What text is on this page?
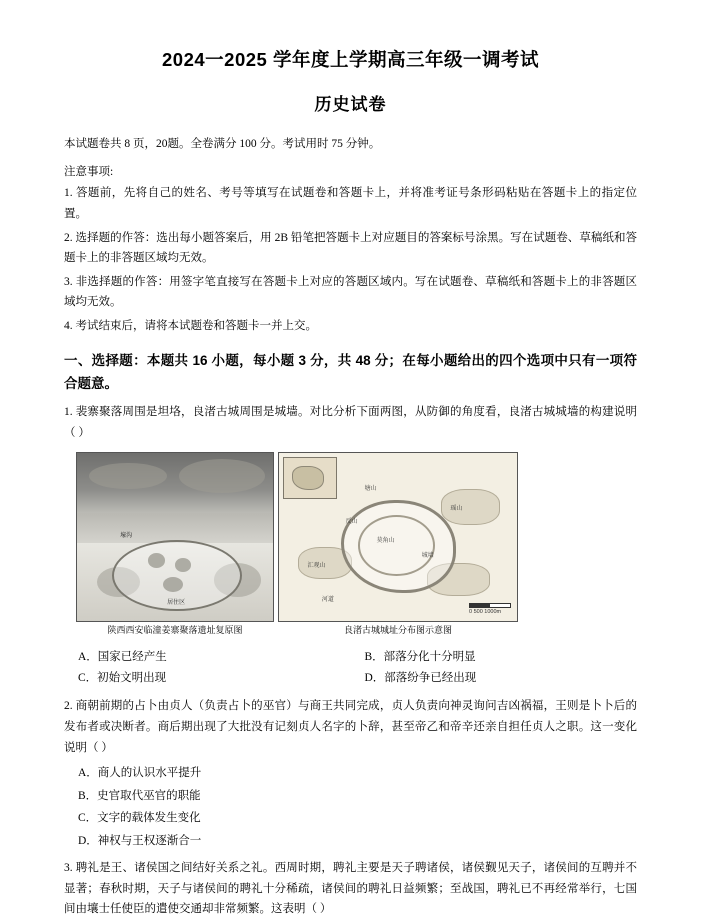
2024一2025 学年度上学期高三年级一调考试
历史试卷
本试题卷共 8 页，20题。全卷满分 100 分。考试用时 75 分钟。
注意事项:
1. 答题前，先将自己的姓名、考号等填写在试题卷和答题卡上，并将准考证号条形码粘贴在答题卡上的指定位置。
2. 选择题的作答：选出每小题答案后，用 2B 铅笔把答题卡上对应题目的答案标号涂黑。写在试题卷、草稿纸和答题卡上的非答题区域均无效。
3. 非选择题的作答：用签字笔直接写在答题卡上对应的答题区域内。写在试题卷、草稿纸和答题卡上的非答题区域均无效。
4. 考试结束后，请将本试题卷和答题卡一并上交。
一、选择题：本题共 16 小题，每小题 3 分，共 48 分；在每小题给出的四个选项中只有一项符合题意。
1. 裴寨聚落周围是坦垎，良渚古城周围是城墙。对比分析下面两图，从防御的角度看，良渚古城城墙的构建说明（ ）
壕沟
居住区
陕西西安临潼姜寨聚落遗址复原图
塘山
莫角山
反山
瑶山
汇观山
城墙
河道
0 500 1000m
良渚古城城址分布图示意图
A．国家已经产生	B．部落分化十分明显
C．初始文明出现	D．部落纷争已经出现
2. 商朝前期的占卜由贞人（负责占卜的巫官）与商王共同完成，贞人负责向神灵询问吉凶祸福，王则是卜卜后的发布者或决断者。商后期出现了大批没有记刻贞人名字的卜辞，甚至帝乙和帝辛还亲自担任贞人之职。这一变化说明（ ）
A．商人的认识水平提升
B．史官取代巫官的职能
C．文字的载体发生变化
D．神权与王权逐渐合一
3. 聘礼是王、诸侯国之间结好关系之礼。西周时期，聘礼主要是天子聘诸侯，诸侯觐见天子，诸侯间的互聘并不显著；春秋时期，天子与诸侯间的聘礼十分稀疏，诸侯间的聘礼日益频繁；至战国，聘礼已不再经常举行，七国间由壤士任使臣的遣使交通却非常频繁。这表明（ ）
